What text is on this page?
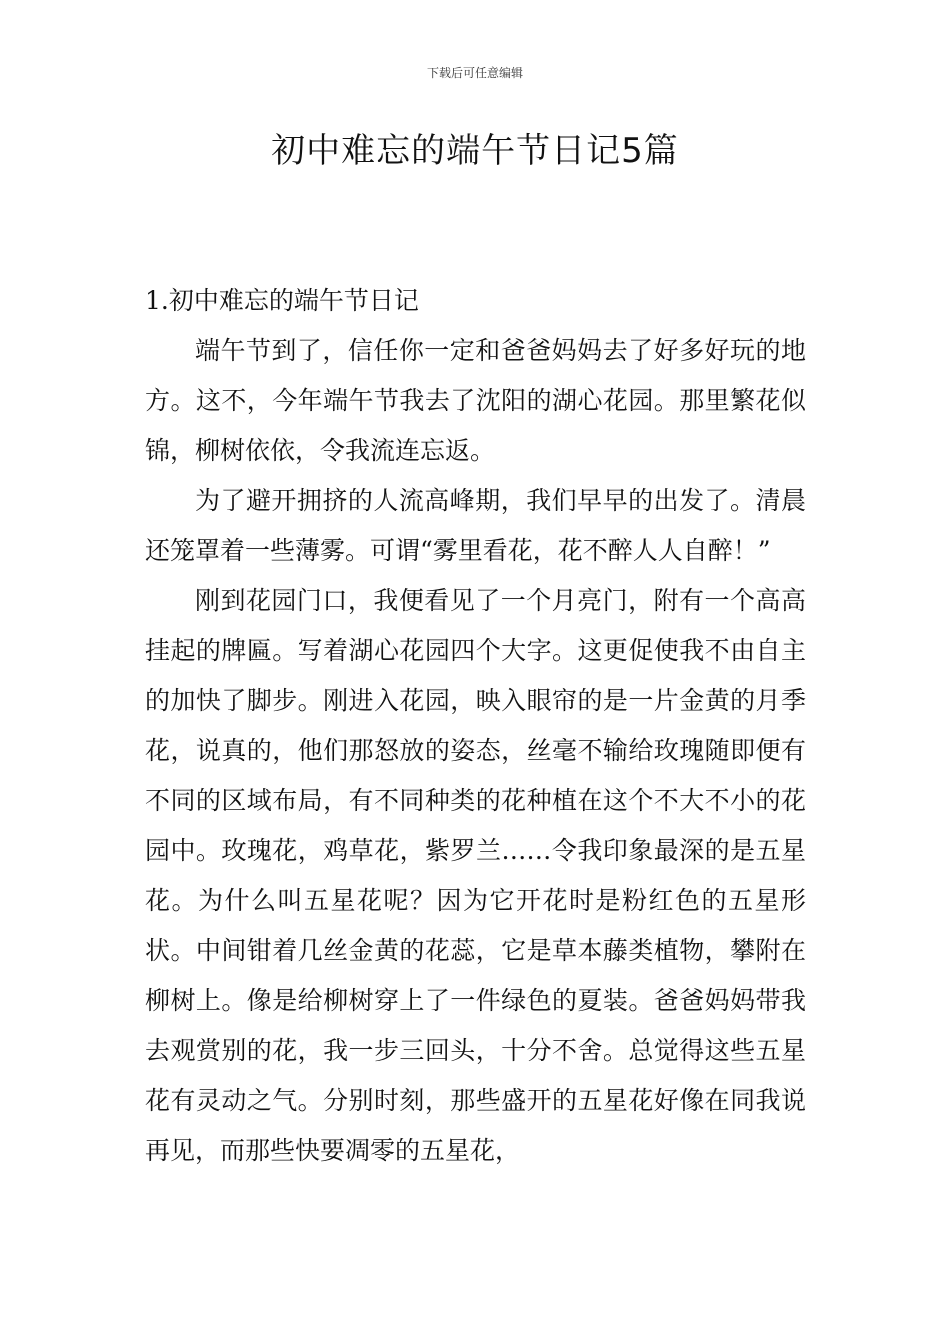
下载后可任意编辑
初中难忘的端午节日记5篇

1.初中难忘的端午节日记

端午节到了，信任你一定和爸爸妈妈去了好多好玩的地方。这不，今年端午节我去了沈阳的湖心花园。那里繁花似锦，柳树依依，令我流连忘返。

为了避开拥挤的人流高峰期，我们早早的出发了。清晨还笼罩着一些薄雾。可谓“雾里看花，花不醉人人自醉！”

刚到花园门口，我便看见了一个月亮门，附有一个高高挂起的牌匾。写着湖心花园四个大字。这更促使我不由自主的加快了脚步。刚进入花园，映入眼帘的是一片金黄的月季花，说真的，他们那怒放的姿态，丝毫不输给玫瑰随即便有不同的区域布局，有不同种类的花种植在这个不大不小的花园中。玫瑰花，鸡草花，紫罗兰……令我印象最深的是五星花。为什么叫五星花呢？因为它开花时是粉红色的五星形状。中间钳着几丝金黄的花蕊，它是草本藤类植物，攀附在柳树上。像是给柳树穿上了一件绿色的夏装。爸爸妈妈带我去观赏别的花，我一步三回头，十分不舍。总觉得这些五星花有灵动之气。分别时刻，那些盛开的五星花好像在同我说再见，而那些快要凋零的五星花，
